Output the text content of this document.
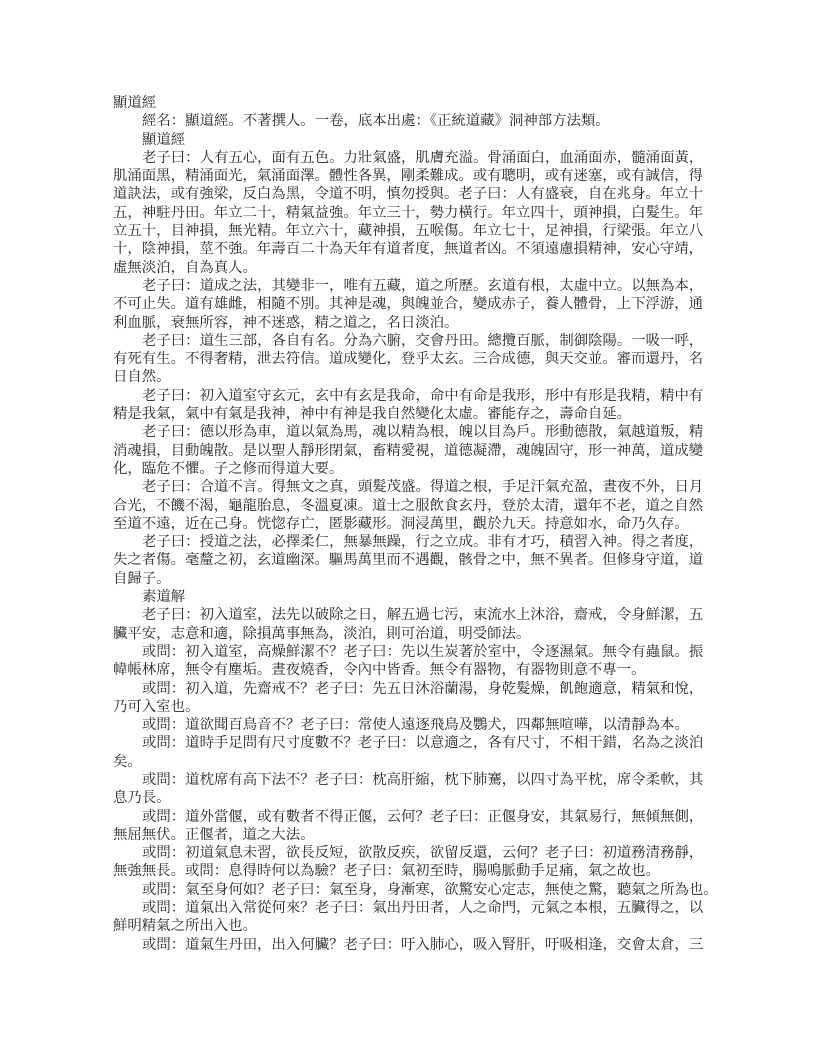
顯道經
經名：顯道經。不著撰人。一卷，底本出處：《正統道藏》洞神部方法類。
顯道經
老子曰：人有五心，面有五色。力壯氣盛，肌膚充溢。骨涌面白，血涌面赤，髓涌面黃，
肌涌面黑，精涌面光，氣涌面澤。體性各異，剛柔難成。或有聰明，或有迷塞，或有誠信，得
道訣法，或有強梁，反白為黑，令道不明，慎勿授與。老子曰：人有盛衰，自在兆身。年立十
五，神駐丹田。年立二十，精氣益強。年立三十，勢力橫行。年立四十，頭神損，白髮生。年
立五十，目神損，無光精。年立六十，藏神損，五喉傷。年立七十，足神損，行梁張。年立八
十，陰神損，莖不強。年壽百二十為天年有道者度，無道者凶。不須遠慮損精神，安心守靖，
虛無淡泊，自為真人。
老子曰：道成之法，其變非一，唯有五藏，道之所歷。玄道有根，太虛中立。以無為本，
不可止失。道有雄雌，相隨不別。其神是魂，與魄並合，變成赤子，養人體骨，上下浮游，通
利血脈，衰無所容，神不迷惑，精之道之，名日淡泊。
老子曰：道生三部，各自有名。分為六腑，交會丹田。總攬百脈，制御陰陽。一吸一呼，
有死有生。不得奢精，泄去符信。道成變化，登乎太玄。三合成德，與天交並。審而還丹，名
日自然。
老子曰：初入道室守玄元，玄中有玄是我命，命中有命是我形，形中有形是我精，精中有
精是我氣，氣中有氣是我神，神中有神是我自然變化太虛。審能存之，壽命自延。
老子曰：德以形為車，道以氣為馬，魂以精為根，魄以目為戶。形動德散，氣越道叛，精
消魂損，目動魄散。是以聖人靜形閉氣，畜精愛視，道德凝滯，魂魄固守，形一神萬，道成變
化，臨危不懼。子之修而得道大要。
老子曰：合道不言。得無文之真，頭髮茂盛。得道之根，手足汗氣充盈，晝夜不外，日月
合光，不饑不渴，龜龍胎息，冬溫夏凍。道士之服飲食玄丹，登於太清，還年不老，道之自然
至道不遠，近在己身。恍惚存亡，匿影藏形。洞浸萬里，觀於九天。持意如水，命乃久存。
老子曰：授道之法，必擇柔仁，無暴無躁，行之立成。非有才巧，積習入神。得之者度，
失之者傷。毫釐之初，玄道幽深。驅馬萬里而不遇觀，骸骨之中，無不異者。但修身守道，道
自歸子。
素道解
老子曰：初入道室，法先以破除之日，解五過七污，束流水上沐浴，齋戒，令身鮮潔，五
臟平安，志意和適，除損萬事無為，淡泊，則可治道，明受師法。
或問：初入道室，高燥鮮潔不？老子曰：先以生炭著於室中，令逐濕氣。無令有蟲鼠。振
幃帳林席，無令有塵垢。晝夜燒香，令內中皆香。無令有器物，有器物則意不專一。
或問：初入道，先齋戒不？老子曰：先五日沐浴蘭湯，身乾髮燥，飢飽適意，精氣和悅，
乃可入室也。
或問：道欲聞百鳥音不？老子曰：常使人遠逐飛鳥及鸚犬，四鄰無喧嘩，以清靜為本。
或問：道時手足問有尺寸度數不？老子曰：以意適之，各有尺寸，不相干錯，名為之淡泊
矣。
或問：道枕席有高下法不？老子曰：枕高肝縮，枕下肺騫，以四寸為平枕，席令柔軟，其
息乃長。
或問：道外當偃，或有數者不得正偃，云何？老子曰：正偃身安，其氣易行，無傾無側，
無屈無伏。正偃者，道之大法。
或問：初道氣息未習，欲長反短，欲散反疾，欲留反還，云何？老子曰：初道務清務靜，
無強無長。或問：息得時何以為驗？老子曰：氣初至時，腸鳴脈動手足痛，氣之故也。
或問：氣至身何如？老子曰：氣至身，身漸寒，欲驚安心定志，無使之驚，聽氣之所為也。
或問：道氣出入常從何來？老子曰：氣出丹田者，人之命門，元氣之本根，五臟得之，以
鮮明精氣之所出入也。
或問：道氣生丹田，出入何臟？老子曰：吁入肺心，吸入腎肝，吁吸相逢，交會太倉，三
